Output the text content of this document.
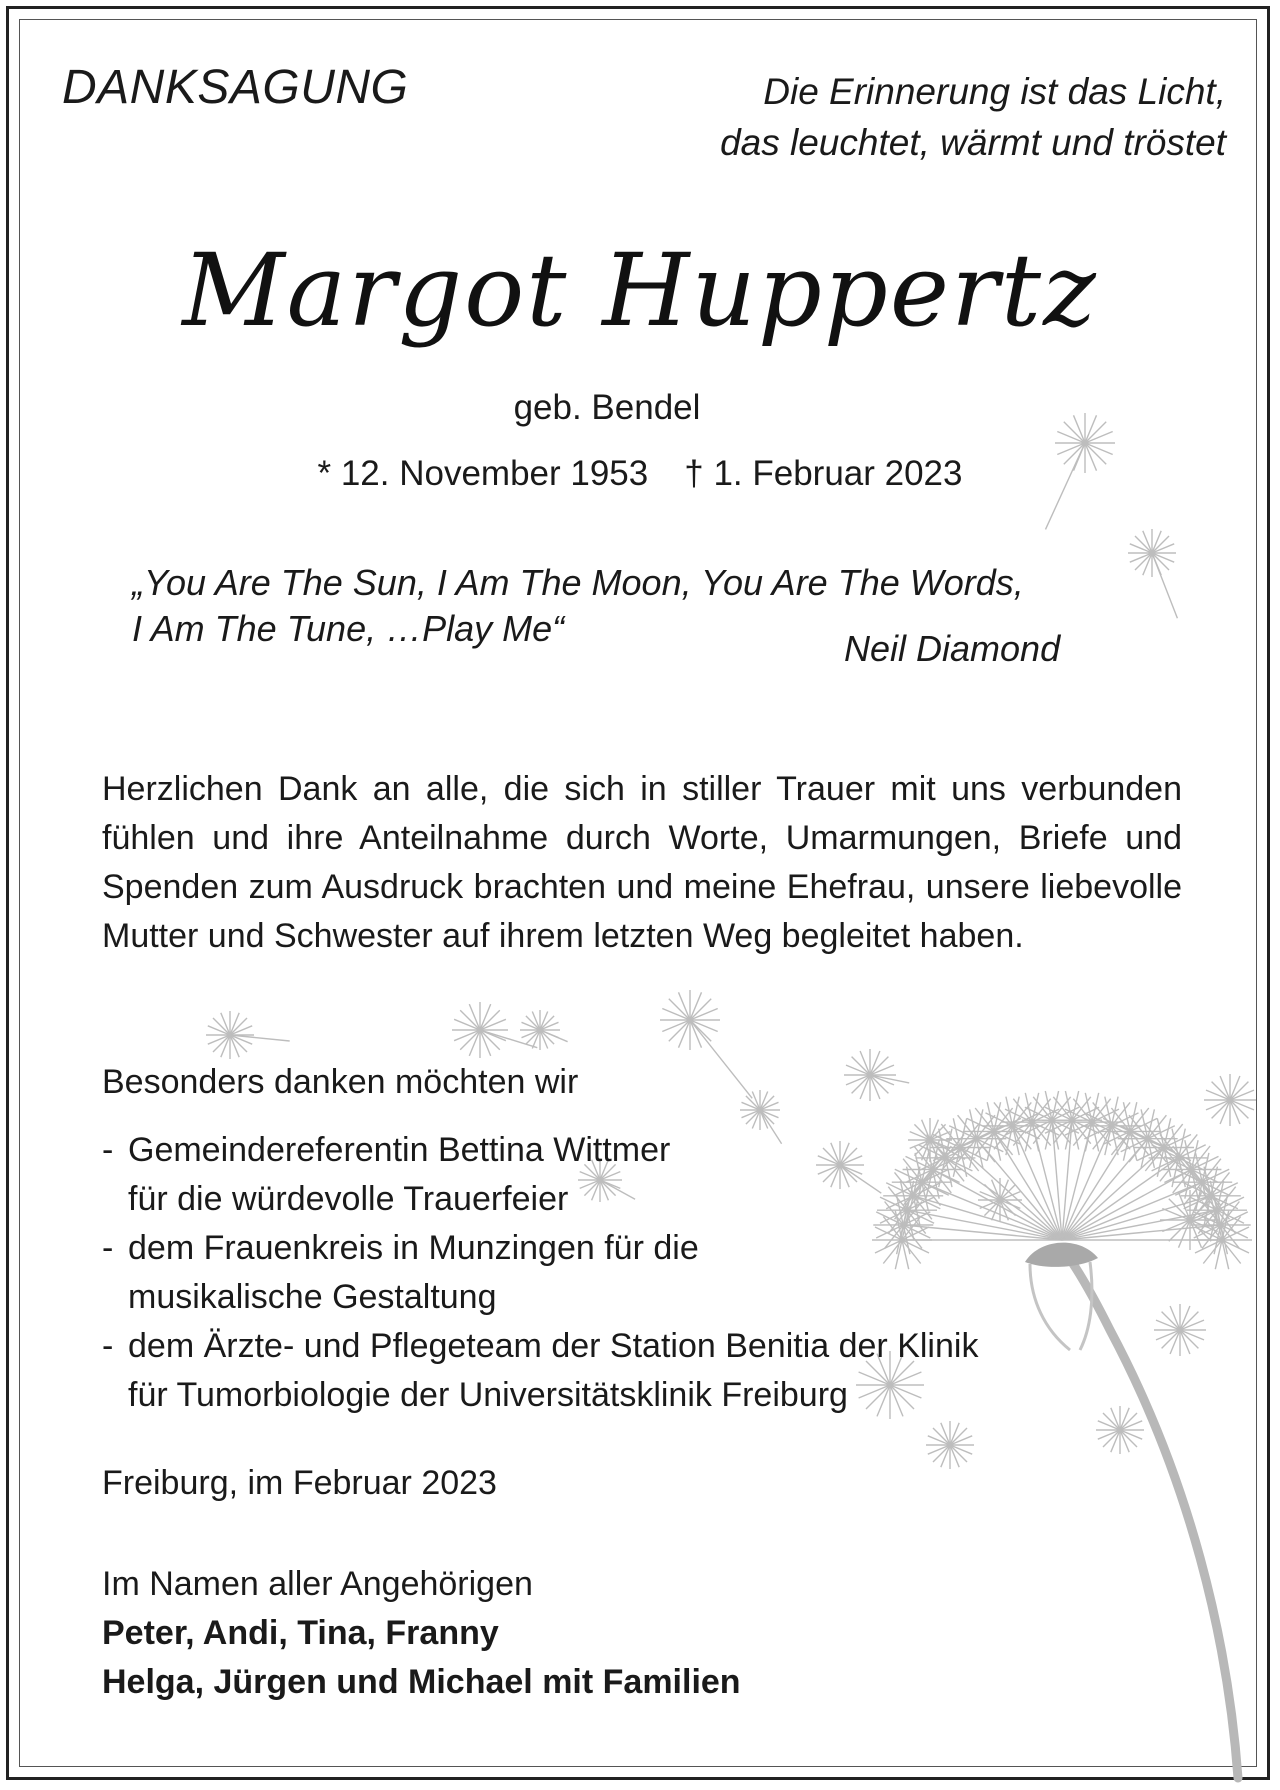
DANKSAGUNG	Die Erinnerung ist das Licht,
das leuchtet, wärmt und tröstet

Margot Huppertz

geb. Bendel

* 12. November 1953 † 1. Februar 2023

„You Are The Sun, I Am The Moon, You Are The Words,
I Am The Tune, …Play Me“	Neil Diamond

Herzlichen Dank an alle, die sich in stiller Trauer mit uns verbunden fühlen und ihre Anteilnahme durch Worte, Umarmungen, Briefe und Spenden zum Ausdruck brachten und meine Ehefrau, unsere liebevolle Mutter und Schwester auf ihrem letzten Weg begleitet haben.

Besonders danken möchten wir

- Gemeindereferentin Bettina Wittmer
für die würdevolle Trauerfeier
- dem Frauenkreis in Munzingen für die
musikalische Gestaltung
- dem Ärzte- und Pflegeteam der Station Benitia der Klinik
für Tumorbiologie der Universitätsklinik Freiburg

Freiburg, im Februar 2023

Im Namen aller Angehörigen
Peter, Andi, Tina, Franny
Helga, Jürgen und Michael mit Familien
